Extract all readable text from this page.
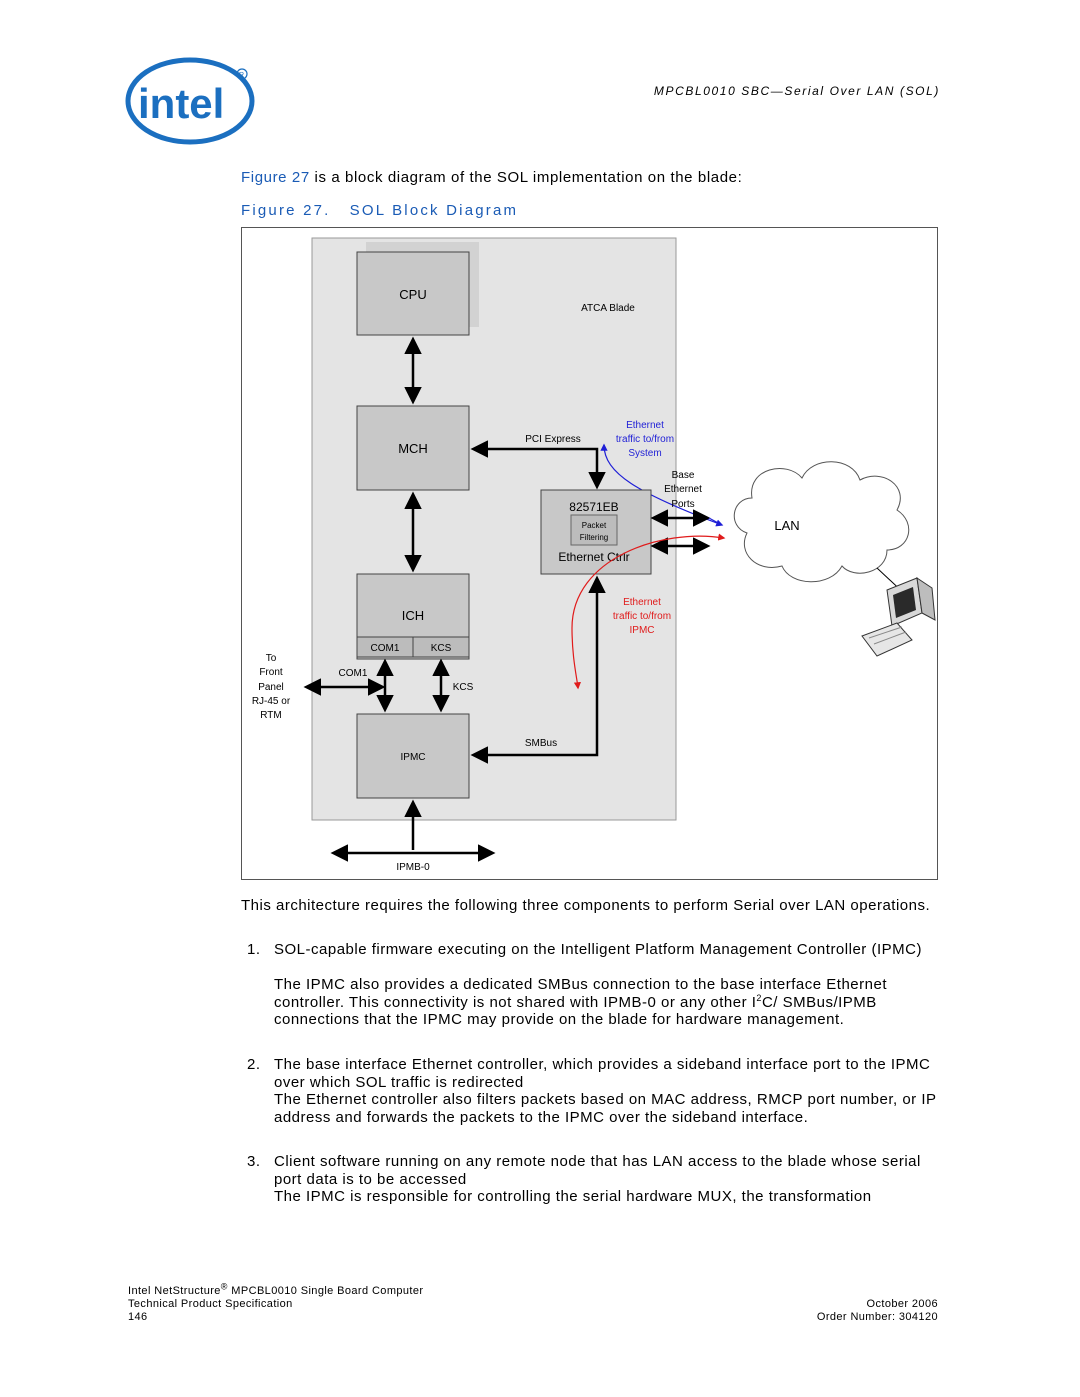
intel
R
MPCBL0010 SBC—Serial Over LAN (SOL)
Figure 27 is a block diagram of the SOL implementation on the blade:
Figure 27. SOL Block Diagram
CPU
ATCA Blade
MCH
PCI Express
Ethernet
traffic to/from
System
Base
Ethernet
Ports
82571EB
Packet
Filtering
Ethernet Ctrlr
LAN
Ethernet
traffic to/from
IPMC
ICH
COM1	KCS
To
Front
Panel
RJ-45 or
RTM
COM1
KCS
IPMC
SMBus
IPMB-0
This architecture requires the following three components to perform Serial over LAN operations.
1. SOL-capable firmware executing on the Intelligent Platform Management Controller (IPMC)
The IPMC also provides a dedicated SMBus connection to the base interface Ethernet controller. This connectivity is not shared with IPMB-0 or any other $I^2C/$ SMBus/IPMB connections that the IPMC may provide on the blade for hardware management.
2. The base interface Ethernet controller, which provides a sideband interface port to the IPMC over which SOL traffic is redirected
The Ethernet controller also filters packets based on MAC address, RMCP port number, or IP address and forwards the packets to the IPMC over the sideband interface.
3. Client software running on any remote node that has LAN access to the blade whose serial port data is to be accessed
The IPMC is responsible for controlling the serial hardware MUX, the transformation
Intel NetStructure® MPCBL0010 Single Board Computer
Technical Product Specification
146
October 2006
Order Number: 304120
